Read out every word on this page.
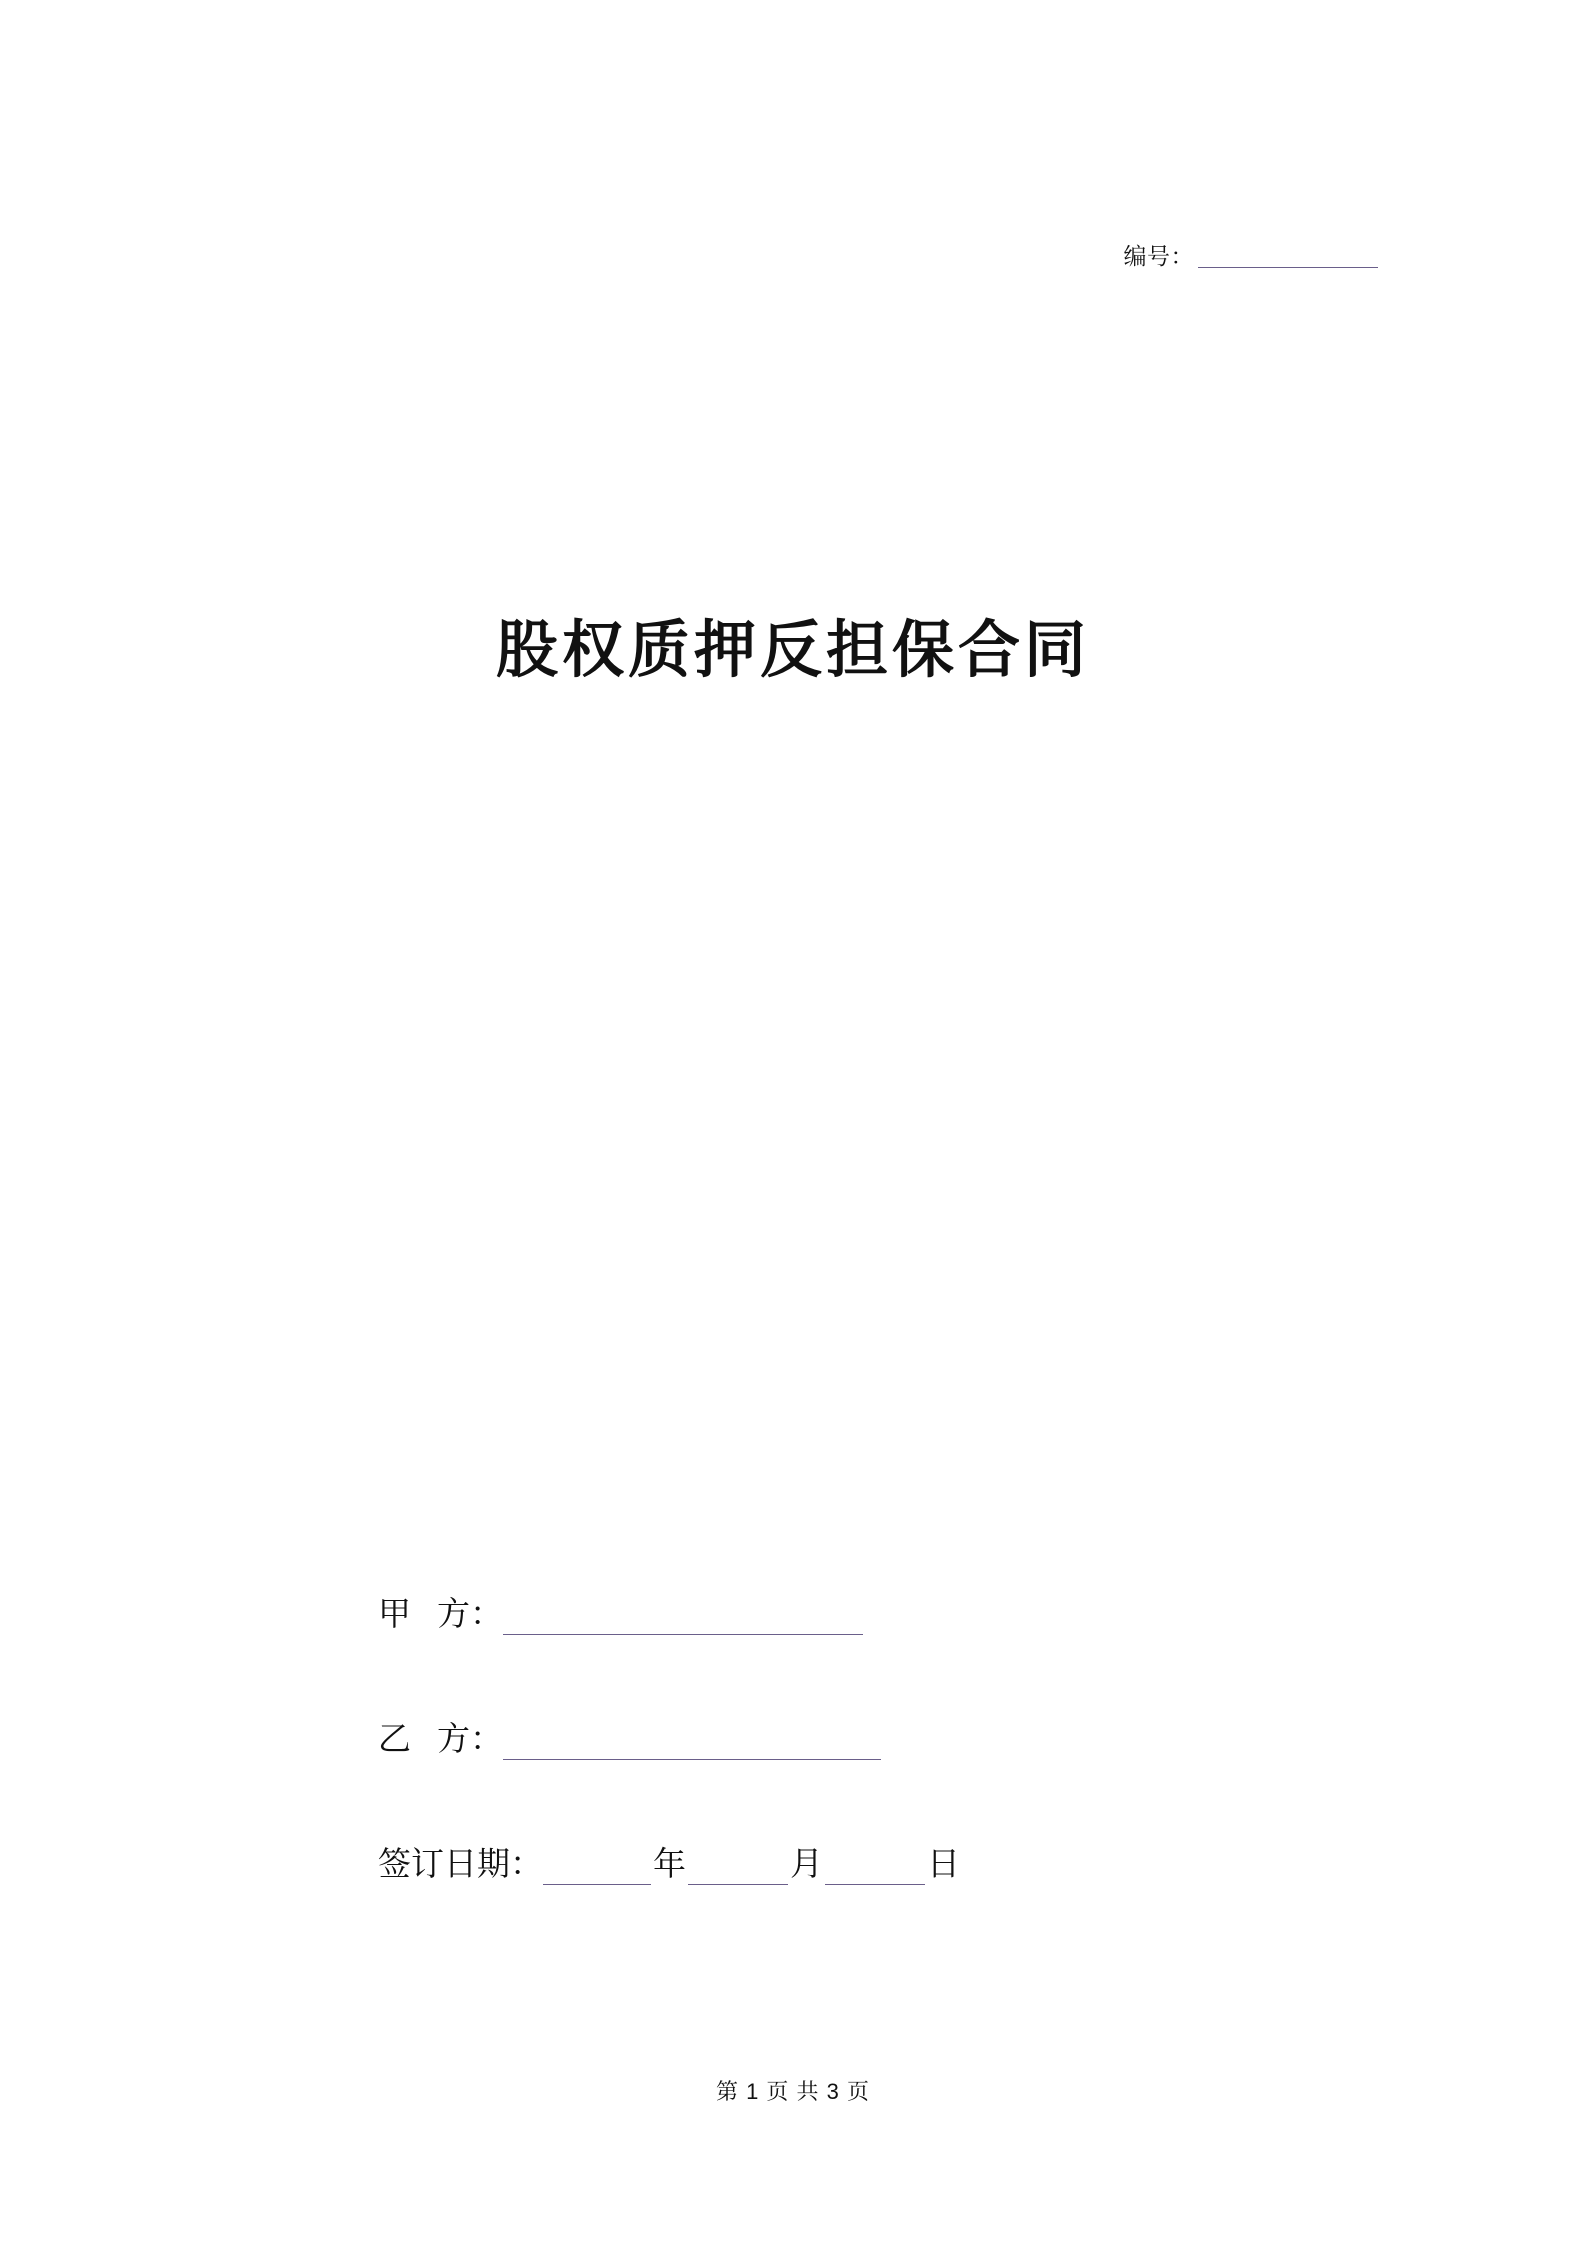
编号：
股权质押反担保合同
甲 方：
乙 方：
签订日期：	年	月	日
第 1 页 共 3 页
